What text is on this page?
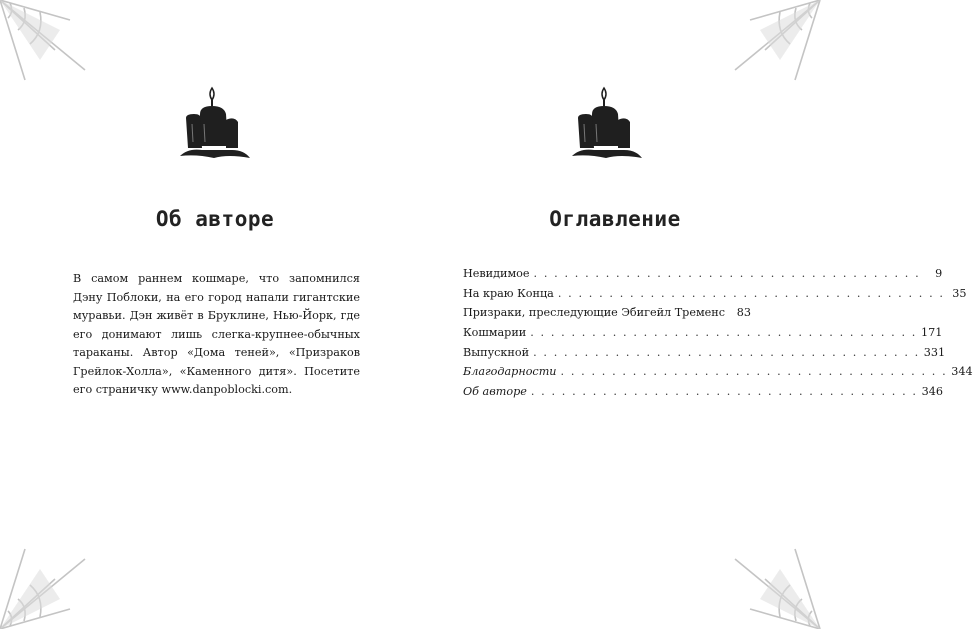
Об авторе

В самом раннем кошмаре, что запомнился Дэну Поблоки, на его город напали гигантские муравьи. Дэн живёт в Бруклине, Нью-Йорк, где его донимают лишь слегка-крупнее-обычных тараканы. Автор «Дома теней», «Призраков Грейлок-Холла», «Каменного дитя». Посетите его страничку www.danpoblocki.com.

Оглавление
Невидимое . . . . . . . . . . . . . . . . . . . . . . . . . . . . . . . . . . . . . .	9
На краю Конца . . . . . . . . . . . . . . . . . . . . . . . . . . . . . . . . . . . . . . 35
Призраки, преследующие Эбигейл Тременс	83
Кошмарии . . . . . . . . . . . . . . . . . . . . . . . . . . . . . . . . . . . . . . 171
Выпускной . . . . . . . . . . . . . . . . . . . . . . . . . . . . . . . . . . . . . . 331
Благодарности . . . . . . . . . . . . . . . . . . . . . . . . . . . . . . . . . . . . . . 344
Об авторе . . . . . . . . . . . . . . . . . . . . . . . . . . . . . . . . . . . . . . 346
